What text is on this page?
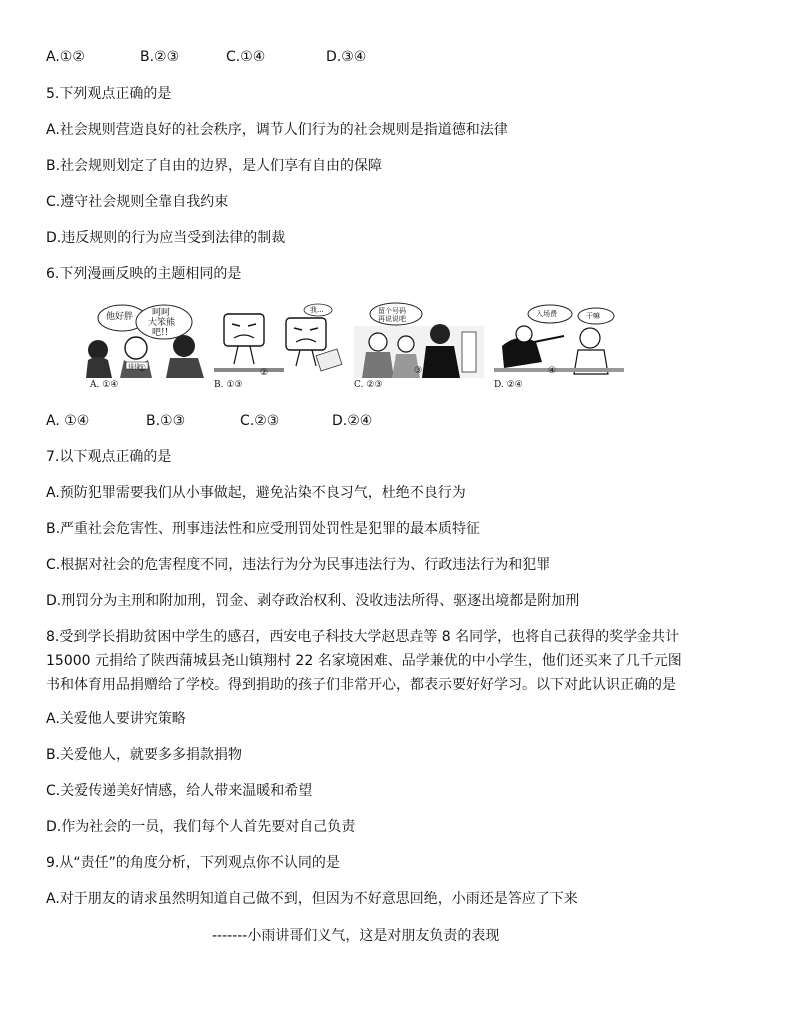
A.①②	B.②③	C.①④	D.③④
5.下列观点正确的是
A.社会规则营造良好的社会秩序，调节人们行为的社会规则是指道德和法律
B.社会规则划定了自由的边界，是人们享有自由的保障
C.遵守社会规则全靠自我约束
D.违反规则的行为应当受到法律的制裁
6.下列漫画反映的主题相同的是
他好胖 呵呵
大笨熊
吧!!
排排
①
A. ①④
我...
②
B. ①③
留个号码
再说说吧
③
C. ②③
入场费	干嘛
④
D. ②④
A. ①④	B.①③	C.②③	D.②④
7.以下观点正确的是
A.预防犯罪需要我们从小事做起，避免沾染不良习气，杜绝不良行为
B.严重社会危害性、刑事违法性和应受刑罚处罚性是犯罪的最本质特征
C.根据对社会的危害程度不同，违法行为分为民事违法行为、行政违法行为和犯罪
D.刑罚分为主刑和附加刑，罚金、剥夺政治权利、没收违法所得、驱逐出境都是附加刑
8.受到学长捐助贫困中学生的感召，西安电子科技大学赵思垚等 8 名同学，也将自己获得的奖学金共计
15000 元捐给了陕西蒲城县尧山镇翔村 22 名家境困难、品学兼优的中小学生，他们还买来了几千元图
书和体育用品捐赠给了学校。得到捐助的孩子们非常开心，都表示要好好学习。以下对此认识正确的是
A.关爱他人要讲究策略
B.关爱他人，就要多多捐款捐物
C.关爱传递美好情感，给人带来温暖和希望
D.作为社会的一员，我们每个人首先要对自己负责
9.从“责任”的角度分析，下列观点你不认同的是
A.对于朋友的请求虽然明知道自己做不到，但因为不好意思回绝，小雨还是答应了下来
-------小雨讲哥们义气，这是对朋友负责的表现
